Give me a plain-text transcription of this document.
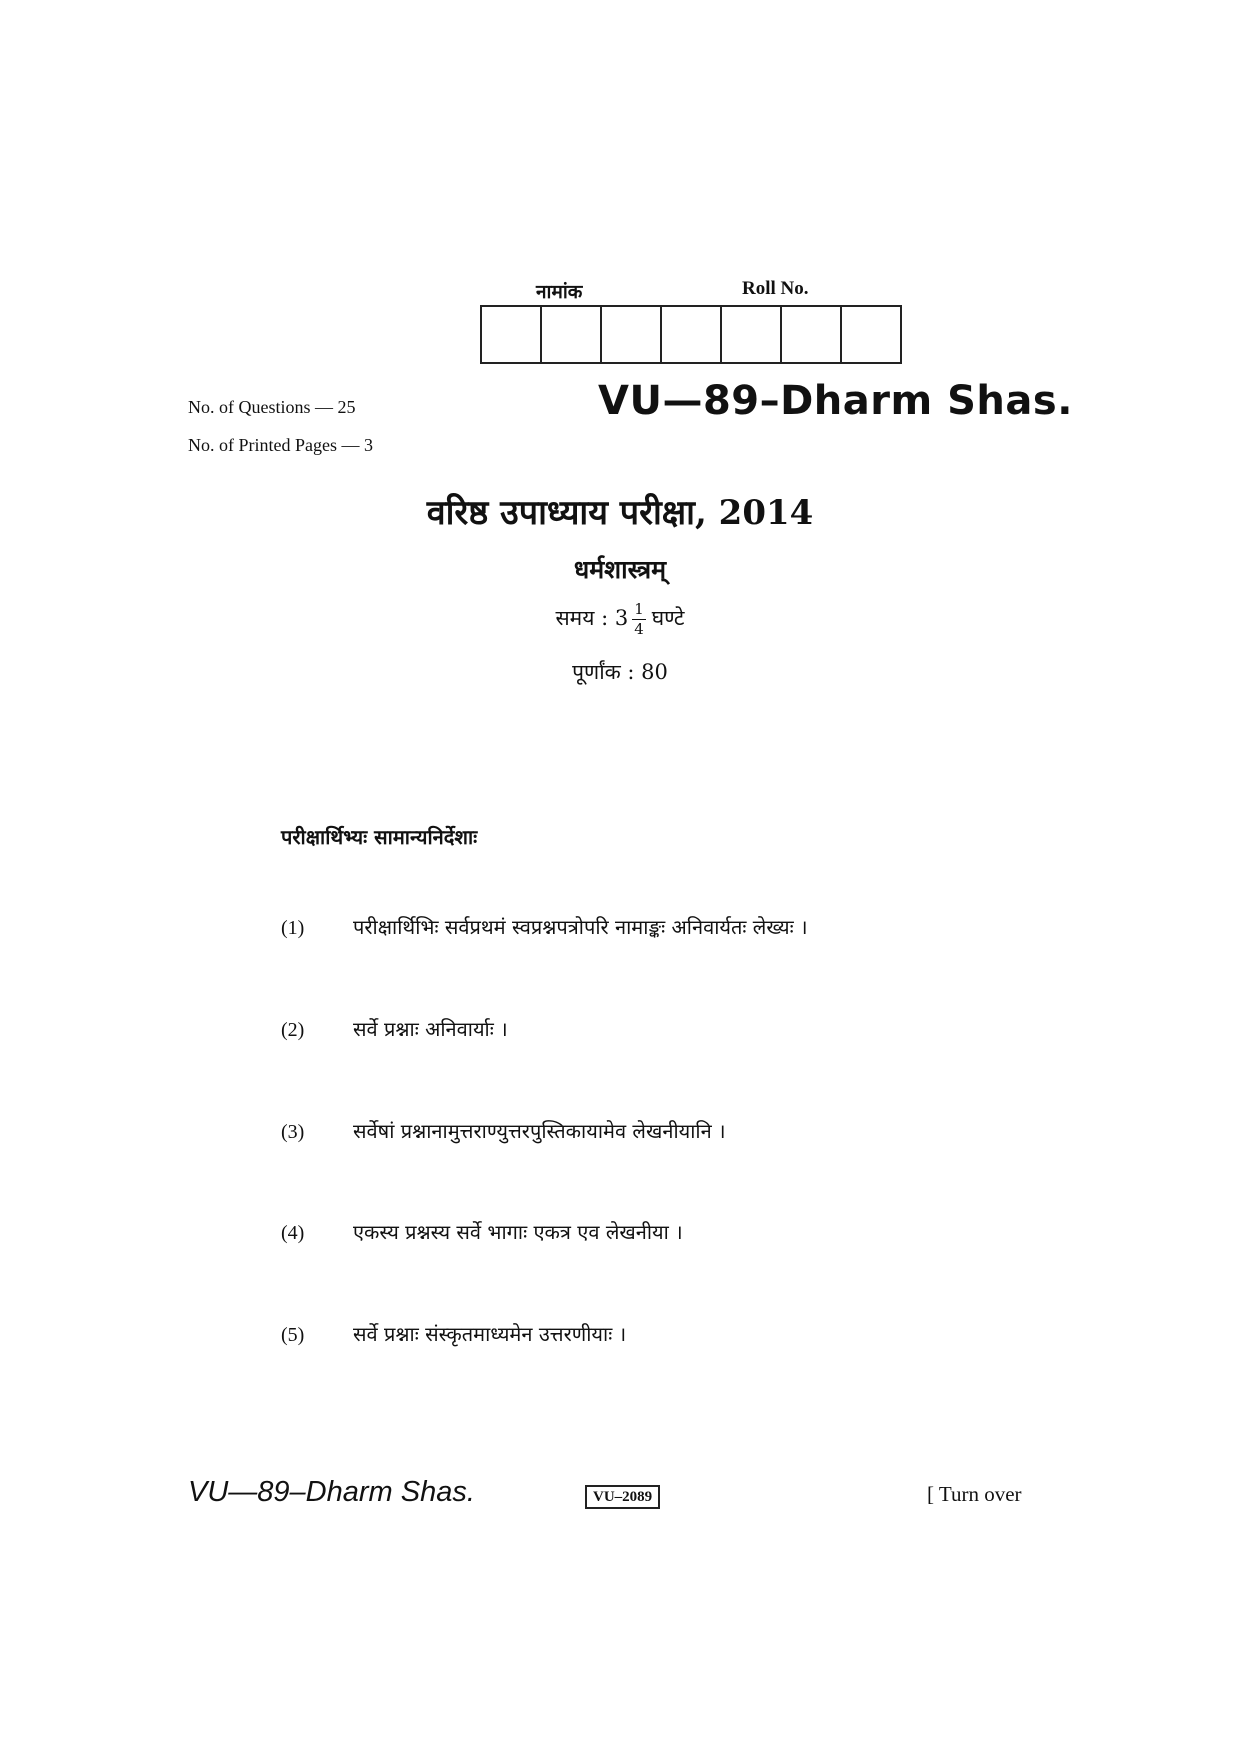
नामांक	Roll No.
No. of Questions — 25
No. of Printed Pages — 3
VU—89–Dharm Shas.
वरिष्ठ उपाध्याय परीक्षा, 2014
धर्मशास्त्रम्
समय : $3 \frac{1}{4}$ घण्टे
पूर्णांक : 80
परीक्षार्थिभ्यः सामान्यनिर्देशाः
(1) परीक्षार्थिभिः सर्वप्रथमं स्वप्रश्नपत्रोपरि नामाङ्कः अनिवार्यतः लेख्यः ।
(2) सर्वे प्रश्नाः अनिवार्याः ।
(3) सर्वेषां प्रश्नानामुत्तराण्युत्तरपुस्तिकायामेव लेखनीयानि ।
(4) एकस्य प्रश्नस्य सर्वे भागाः एकत्र एव लेखनीया ।
(5) सर्वे प्रश्नाः संस्कृतमाध्यमेन उत्तरणीयाः ।
VU—89–Dharm Shas.	VU–2089	[ Turn over
